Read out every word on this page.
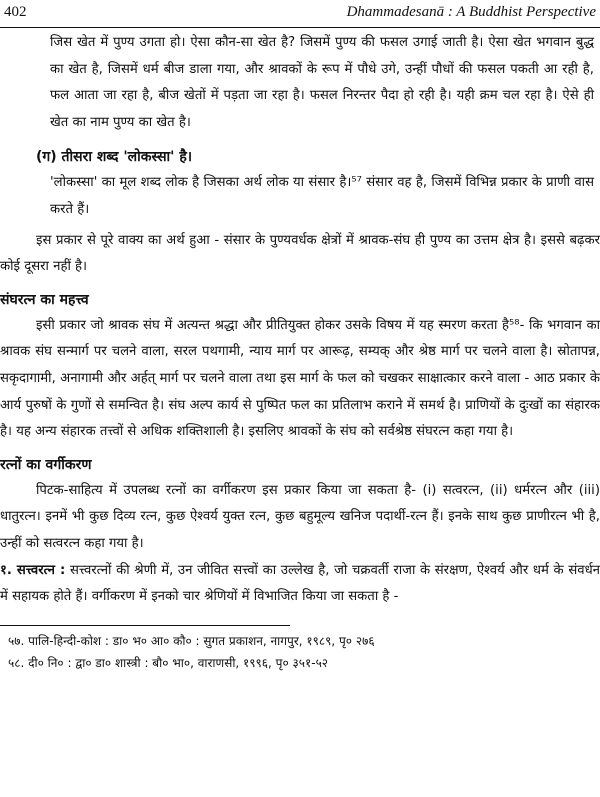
402	Dhammadesanā : A Buddhist Perspective

जिस खेत में पुण्य उगता हो। ऐसा कौन-सा खेत है? जिसमें पुण्य की फसल उगाई जाती है। ऐसा खेत भगवान बुद्ध का खेत है, जिसमें धर्म बीज डाला गया, और श्रावकों के रूप में पौधे उगे, उन्हीं पौधों की फसल पकती आ रही है, फल आता जा रहा है, बीज खेतों में पड़ता जा रहा है। फसल निरन्तर पैदा हो रही है। यही क्रम चल रहा है। ऐसे ही खेत का नाम पुण्य का खेत है।

(ग) तीसरा शब्द 'लोकस्सा' है।

'लोकस्सा' का मूल शब्द लोक है जिसका अर्थ लोक या संसार है।⁵⁷ संसार वह है, जिसमें विभिन्न प्रकार के प्राणी वास करते हैं।

इस प्रकार से पूरे वाक्य का अर्थ हुआ - संसार के पुण्यवर्धक क्षेत्रों में श्रावक-संघ ही पुण्य का उत्तम क्षेत्र है। इससे बढ़कर कोई दूसरा नहीं है।

संघरत्न का महत्त्व

इसी प्रकार जो श्रावक संघ में अत्यन्त श्रद्धा और प्रीतियुक्त होकर उसके विषय में यह स्मरण करता है⁵⁸- कि भगवान का श्रावक संघ सन्मार्ग पर चलने वाला, सरल पथगामी, न्याय मार्ग पर आरूढ़, सम्यक् और श्रेष्ठ मार्ग पर चलने वाला है। स्रोतापन्न, सकृदागामी, अनागामी और अर्हत् मार्ग पर चलने वाला तथा इस मार्ग के फल को चखकर साक्षात्कार करने वाला - आठ प्रकार के आर्य पुरुषों के गुणों से समन्वित है। संघ अल्प कार्य से पुष्पित फल का प्रतिलाभ कराने में समर्थ है। प्राणियों के दुःखों का संहारक है। यह अन्य संहारक तत्त्वों से अधिक शक्तिशाली है। इसलिए श्रावकों के संघ को सर्वश्रेष्ठ संघरत्न कहा गया है।

रत्नों का वर्गीकरण

पिटक-साहित्य में उपलब्ध रत्नों का वर्गीकरण इस प्रकार किया जा सकता है- (i) सत्वरत्न, (ii) धर्मरत्न और (iii) धातुरत्न। इनमें भी कुछ दिव्य रत्न, कुछ ऐश्वर्य युक्त रत्न, कुछ बहुमूल्य खनिज पदार्थी-रत्न हैं। इनके साथ कुछ प्राणीरत्न भी है, उन्हीं को सत्वरत्न कहा गया है।

१. सत्त्वरत्न : सत्त्वरत्नों की श्रेणी में, उन जीवित सत्त्वों का उल्लेख है, जो चक्रवर्ती राजा के संरक्षण, ऐश्वर्य और धर्म के संवर्धन में सहायक होते हैं। वर्गीकरण में इनको चार श्रेणियों में विभाजित किया जा सकता है -

५७. पालि-हिन्दी-कोश : डा० भ० आ० कौ० : सुगत प्रकाशन, नागपुर, १९८९, पृ० २७६
५८. दी० नि० : द्वा० डा० शास्त्री : बौ० भा०, वाराणसी, १९९६, पृ० ३५१-५२
